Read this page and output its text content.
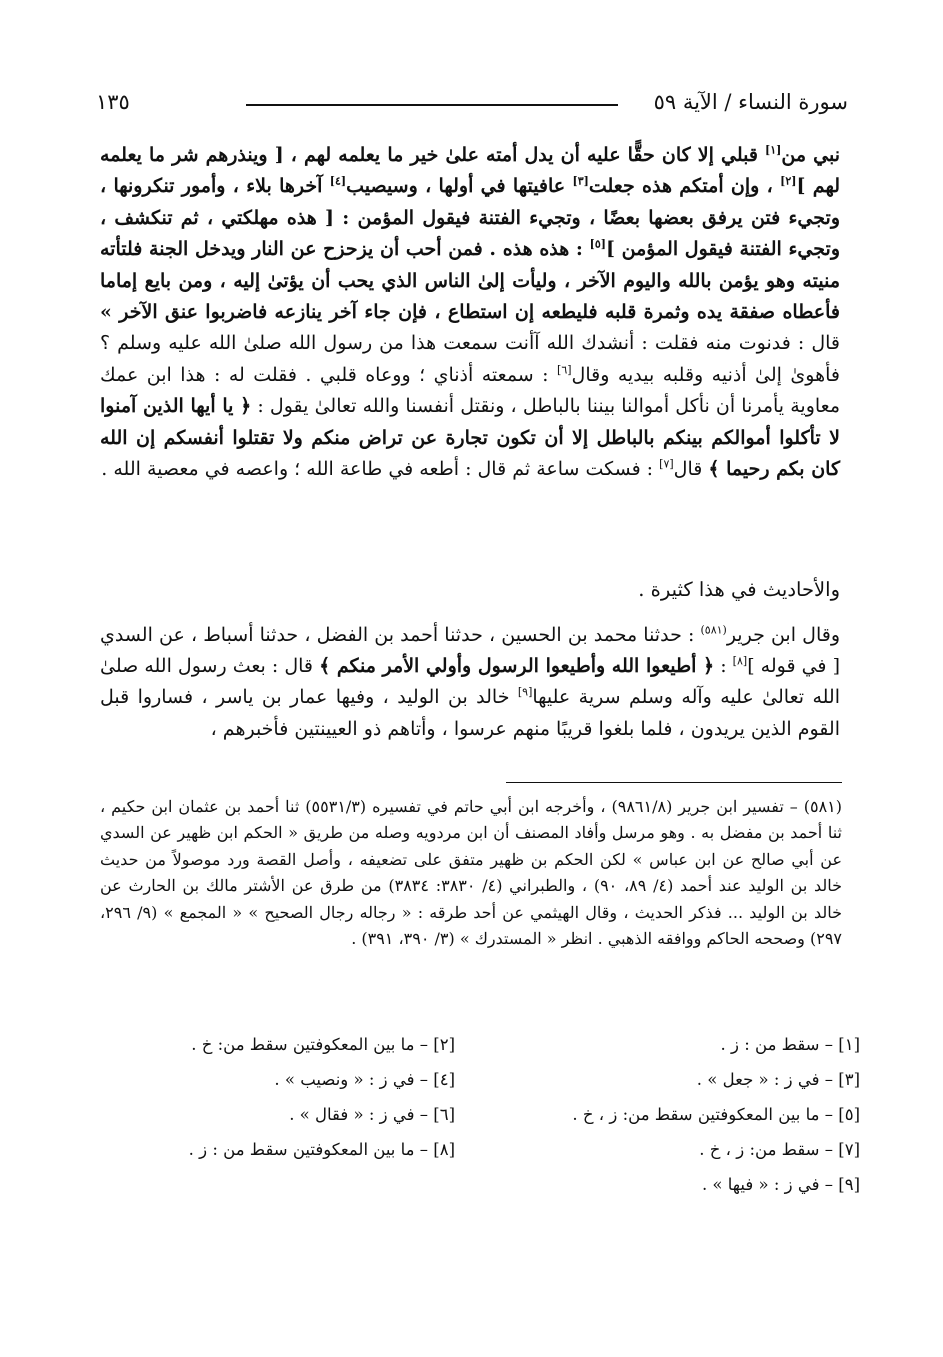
سورة النساء / الآية ٥٩
١٣٥
نبي من[١] قبلي إلا كان حقًّا عليه أن يدل أمته علىٰ خير ما يعلمه لهم ، [ وينذرهم شر ما يعلمه لهم ][٢] ، وإن أمتكم هذه جعلت[٣] عافيتها في أولها ، وسيصيب[٤] آخرها بلاء ، وأمور تنكرونها ، وتجيء فتن يرفق بعضها بعضًا ، وتجيء الفتنة فيقول المؤمن : [ هذه مهلكتي ، ثم تنكشف ، وتجيء الفتنة فيقول المؤمن ][٥] : هذه هذه . فمن أحب أن يزحزح عن النار ويدخل الجنة فلتأته منيته وهو يؤمن بالله واليوم الآخر ، وليأت إلىٰ الناس الذي يحب أن يؤتىٰ إليه ، ومن بايع إماما فأعطاه صفقة يده وثمرة قلبه فليطعه إن استطاع ، فإن جاء آخر ينازعه فاضربوا عنق الآخر » قال : فدنوت منه فقلت : أنشدك الله آأنت سمعت هذا من رسول الله صلىٰ الله عليه وسلم ؟ فأهوىٰ إلىٰ أذنيه وقلبه بيديه وقال[٦] : سمعته أذناي ؛ ووعاه قلبي . فقلت له : هذا ابن عمك معاوية يأمرنا أن نأكل أموالنا بيننا بالباطل ، ونقتل أنفسنا والله تعالىٰ يقول : ﴿ يا أيها الذين آمنوا لا تأكلوا أموالكم بينكم بالباطل إلا أن تكون تجارة عن تراض منكم ولا تقتلوا أنفسكم إن الله كان بكم رحيما ﴾ قال[٧] : فسكت ساعة ثم قال : أطعه في طاعة الله ؛ واعصه في معصية الله .
والأحاديث في هذا كثيرة .
وقال ابن جرير$^{(٥٨١)}$ : حدثنا محمد بن الحسين ، حدثنا أحمد بن الفضل ، حدثنا أسباط ، عن السدي [ في قوله ][٨] : ﴿ أطيعوا الله وأطيعوا الرسول وأولي الأمر منكم ﴾ قال : بعث رسول الله صلىٰ الله تعالىٰ عليه وآله وسلم سرية عليها[٩] خالد بن الوليد ، وفيها عمار بن ياسر ، فساروا قبل القوم الذين يريدون ، فلما بلغوا قريبًا منهم عرسوا ، وأتاهم ذو العيينتين فأخبرهم ،
(٥٨١) – تفسير ابن جرير (٩٨٦١/٨) ، وأخرجه ابن أبي حاتم في تفسيره (٥٥٣١/٣) ثنا أحمد بن عثمان ابن حكيم ، ثنا أحمد بن مفضل به . وهو مرسل وأفاد المصنف أن ابن مردويه وصله من طريق « الحكم ابن ظهير عن السدي عن أبي صالح عن ابن عباس » لكن الحكم بن ظهير متفق على تضعيفه ، وأصل القصة ورد موصولاً من حديث خالد بن الوليد عند أحمد (٤/ ٨٩، ٩٠) ، والطبراني (٤/ ٣٨٣٠: ٣٨٣٤) من طرق عن الأشتر مالك بن الحارث عن خالد بن الوليد ... فذكر الحديث ، وقال الهيثمي عن أحد طرقه : « رجاله رجال الصحيح » « المجمع » (٩/ ٢٩٦، ٢٩٧) وصححه الحاكم ووافقه الذهبي . انظر « المستدرك » (٣/ ٣٩٠، ٣٩١) .
[١] – سقط من : ز .
[٢] – ما بين المعكوفتين سقط من: خ .
[٣] – في ز : « جعل » .
[٤] – في ز : « ونصيب » .
[٥] – ما بين المعكوفتين سقط من: ز ، خ .
[٦] – في ز : « فقال » .
[٧] – سقط من: ز ، خ .
[٨] – ما بين المعكوفتين سقط من : ز .
[٩] – في ز : « فيها » .
